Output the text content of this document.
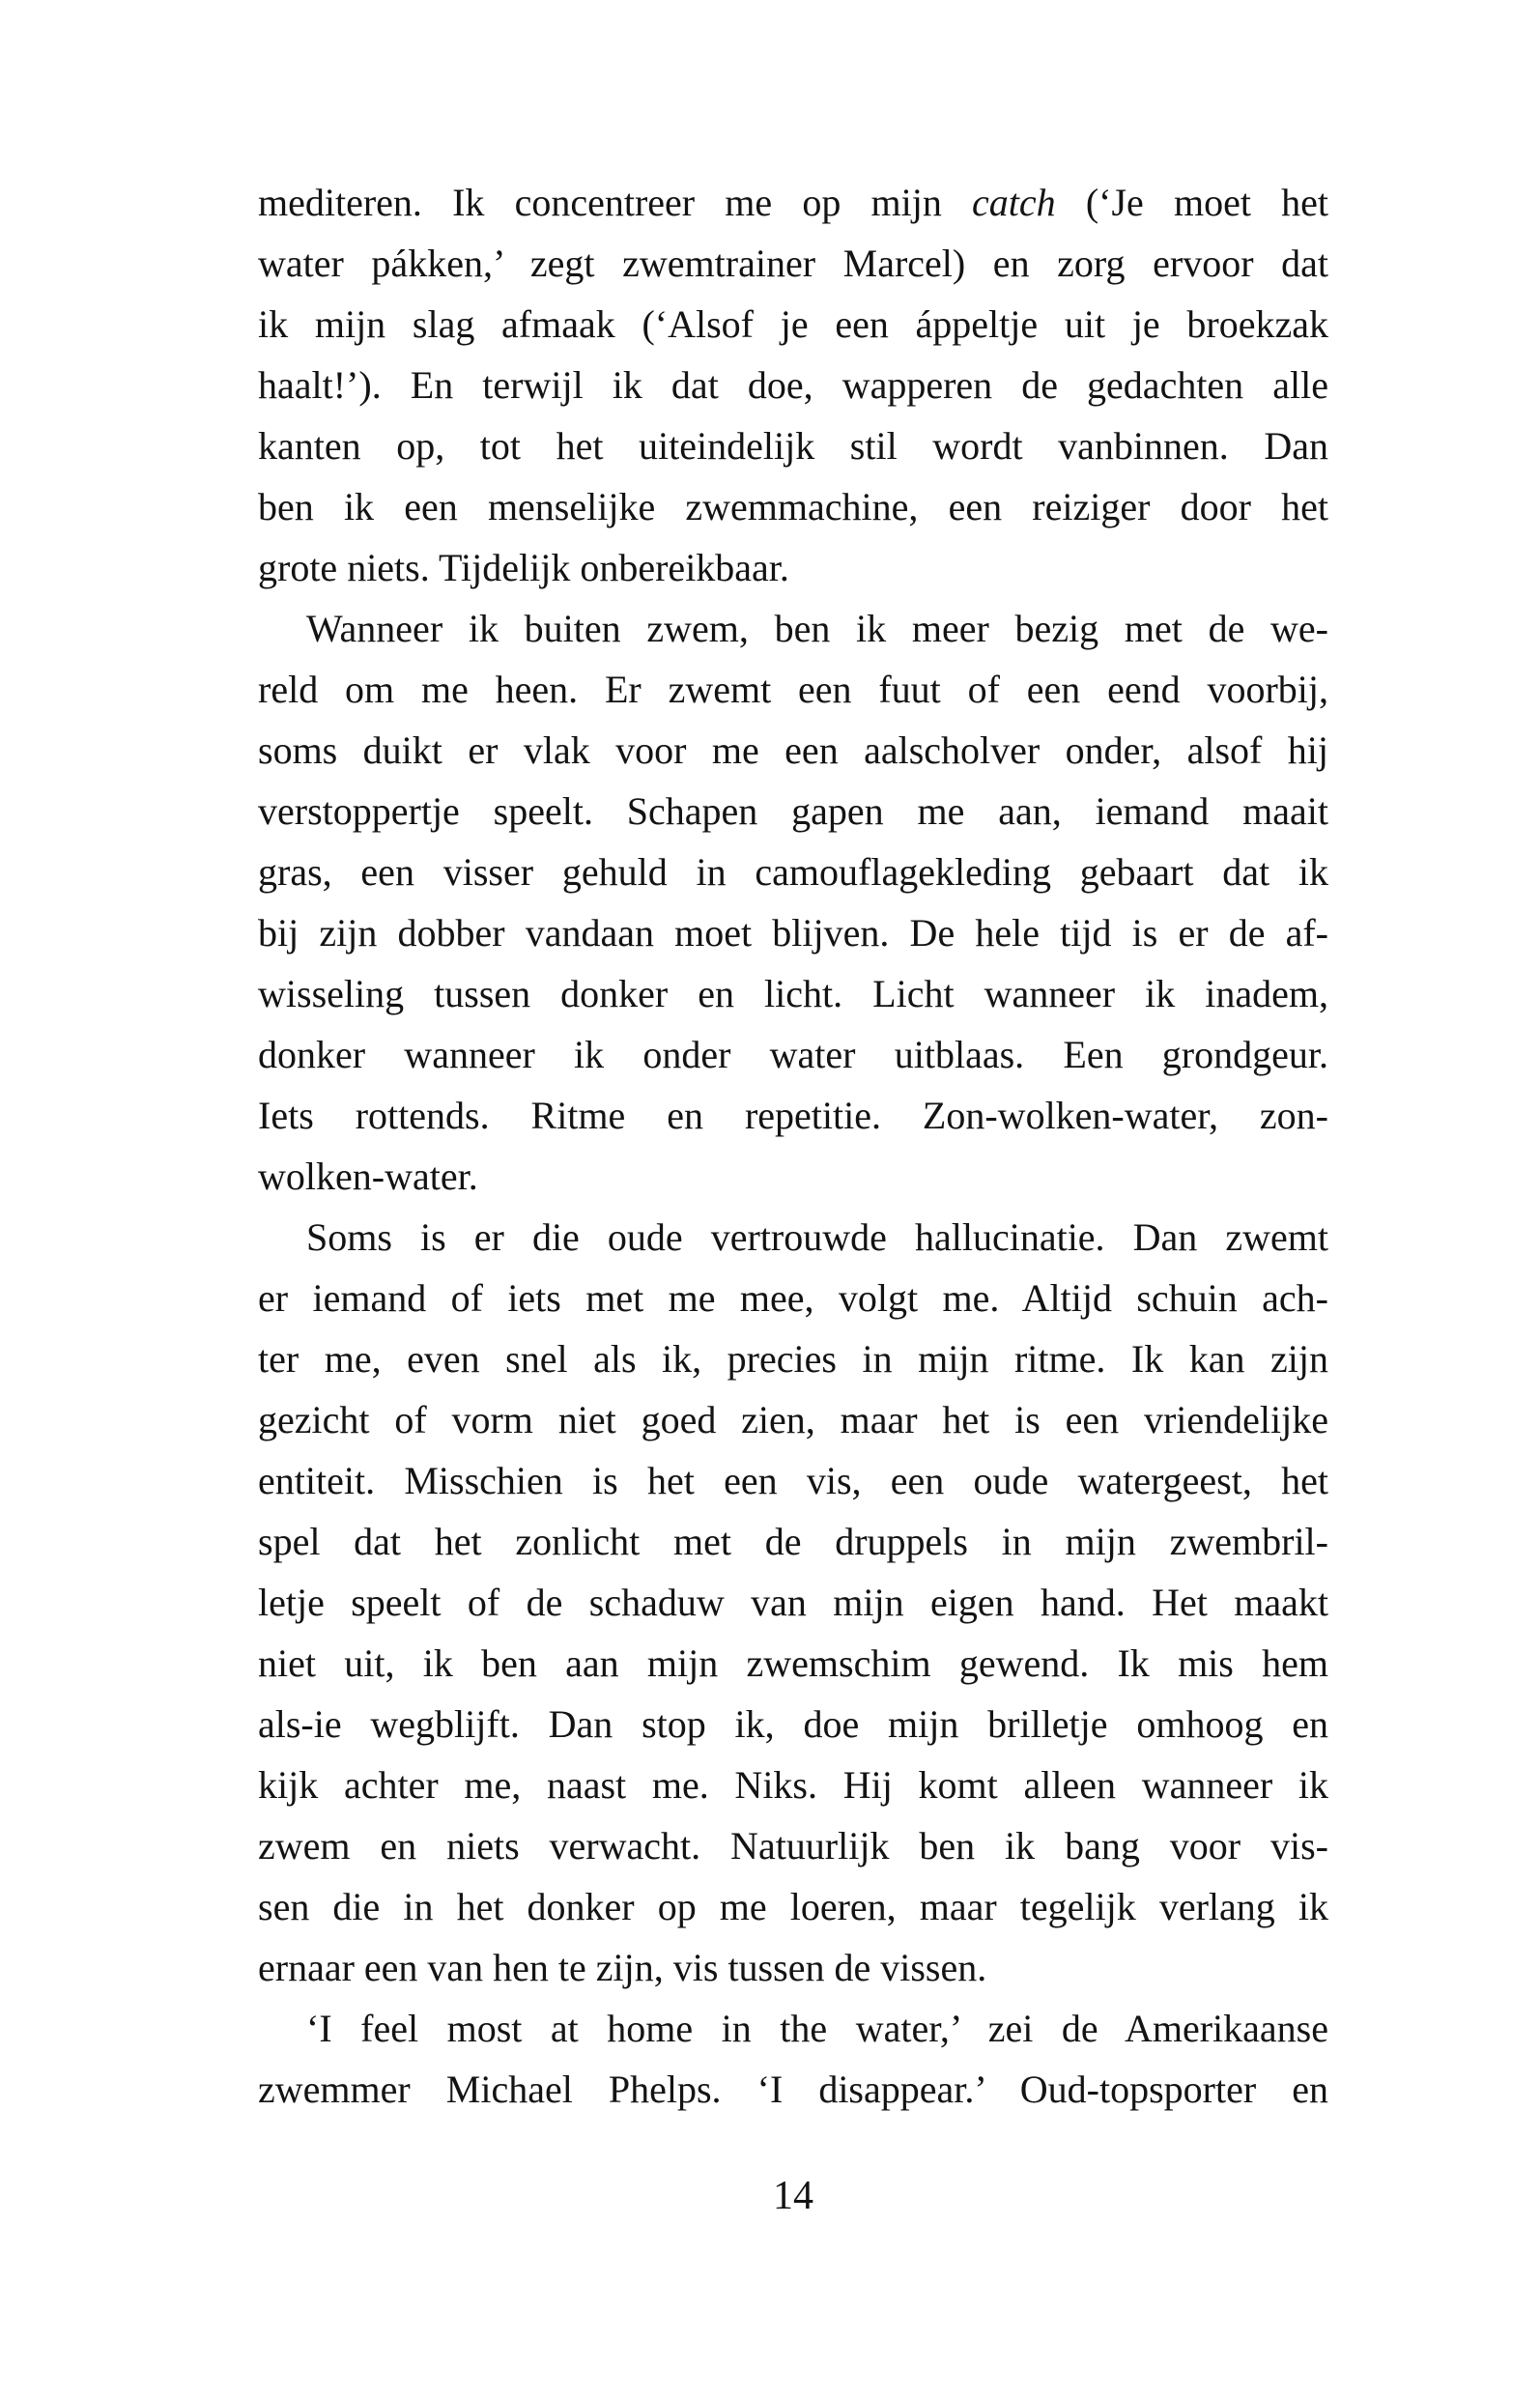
mediteren. Ik concentreer me op mijn catch (‘Je moet het
water pákken,’ zegt zwemtrainer Marcel) en zorg ervoor dat
ik mijn slag afmaak (‘Alsof je een áppeltje uit je broekzak
haalt!’). En terwijl ik dat doe, wapperen de gedachten alle
kanten op, tot het uiteindelijk stil wordt vanbinnen. Dan
ben ik een menselijke zwemmachine, een reiziger door het
grote niets. Tijdelijk onbereikbaar.
Wanneer ik buiten zwem, ben ik meer bezig met de we-
reld om me heen. Er zwemt een fuut of een eend voorbij,
soms duikt er vlak voor me een aalscholver onder, alsof hij
verstoppertje speelt. Schapen gapen me aan, iemand maait
gras, een visser gehuld in camouflagekleding gebaart dat ik
bij zijn dobber vandaan moet blijven. De hele tijd is er de af-
wisseling tussen donker en licht. Licht wanneer ik inadem,
donker wanneer ik onder water uitblaas. Een grondgeur.
Iets rottends. Ritme en repetitie. Zon-wolken-water, zon-
wolken-water.
Soms is er die oude vertrouwde hallucinatie. Dan zwemt
er iemand of iets met me mee, volgt me. Altijd schuin ach-
ter me, even snel als ik, precies in mijn ritme. Ik kan zijn
gezicht of vorm niet goed zien, maar het is een vriendelijke
entiteit. Misschien is het een vis, een oude watergeest, het
spel dat het zonlicht met de druppels in mijn zwembril-
letje speelt of de schaduw van mijn eigen hand. Het maakt
niet uit, ik ben aan mijn zwemschim gewend. Ik mis hem
als-ie wegblijft. Dan stop ik, doe mijn brilletje omhoog en
kijk achter me, naast me. Niks. Hij komt alleen wanneer ik
zwem en niets verwacht. Natuurlijk ben ik bang voor vis-
sen die in het donker op me loeren, maar tegelijk verlang ik
ernaar een van hen te zijn, vis tussen de vissen.
‘I feel most at home in the water,’ zei de Amerikaanse
zwemmer Michael Phelps. ‘I disappear.’ Oud-topsporter en
14
